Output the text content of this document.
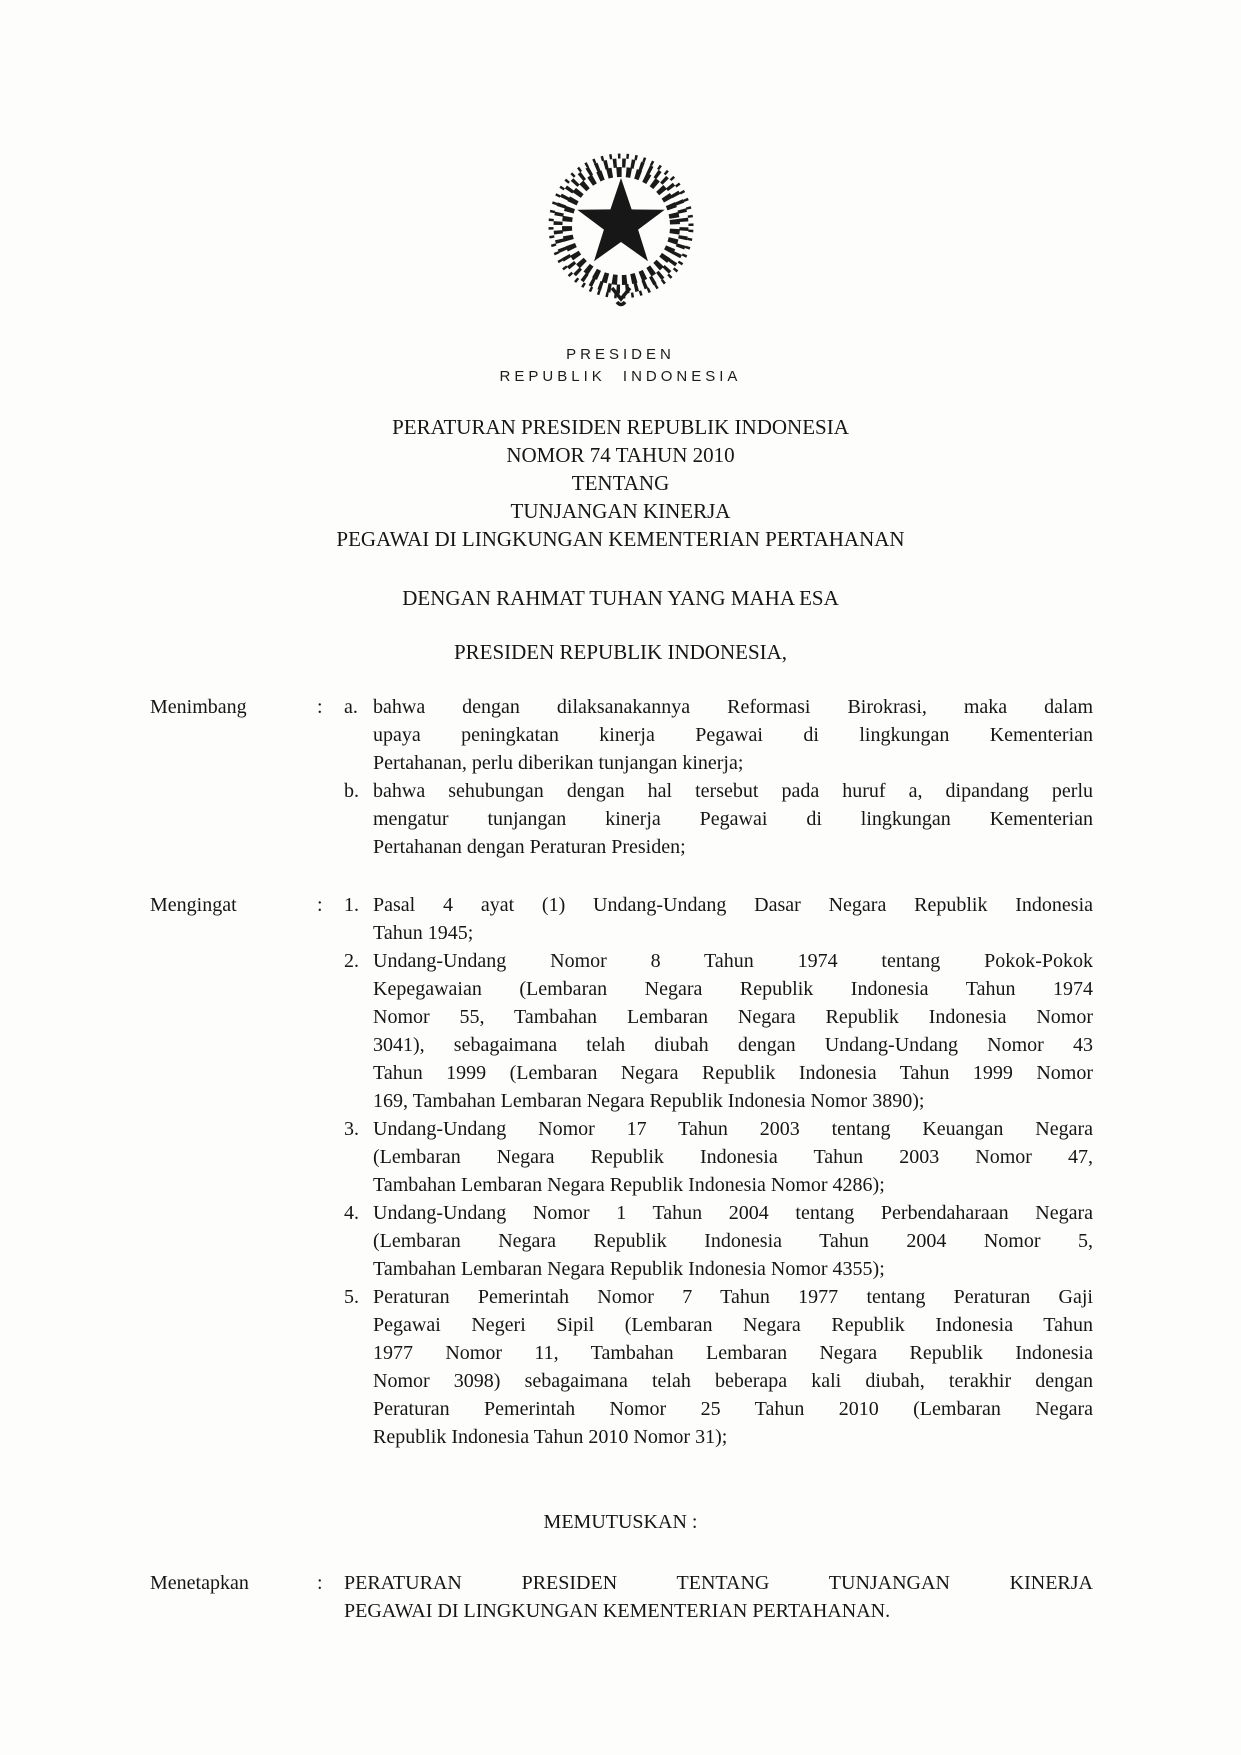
PRESIDEN
REPUBLIK INDONESIA
PERATURAN PRESIDEN REPUBLIK INDONESIA
NOMOR 74 TAHUN 2010
TENTANG
TUNJANGAN KINERJA
PEGAWAI DI LINGKUNGAN KEMENTERIAN PERTAHANAN
DENGAN RAHMAT TUHAN YANG MAHA ESA
PRESIDEN REPUBLIK INDONESIA,
Menimbang	:	a. bahwa dengan dilaksanakannya Reformasi Birokrasi, maka dalam
upaya peningkatan kinerja Pegawai di lingkungan Kementerian
Pertahanan, perlu diberikan tunjangan kinerja;
b. bahwa sehubungan dengan hal tersebut pada huruf a, dipandang perlu
mengatur tunjangan kinerja Pegawai di lingkungan Kementerian
Pertahanan dengan Peraturan Presiden;
Mengingat	:	1. Pasal 4 ayat (1) Undang-Undang Dasar Negara Republik Indonesia
Tahun 1945;
2. Undang-Undang Nomor 8 Tahun 1974 tentang Pokok-Pokok
Kepegawaian (Lembaran Negara Republik Indonesia Tahun 1974
Nomor 55, Tambahan Lembaran Negara Republik Indonesia Nomor
3041), sebagaimana telah diubah dengan Undang-Undang Nomor 43
Tahun 1999 (Lembaran Negara Republik Indonesia Tahun 1999 Nomor
169, Tambahan Lembaran Negara Republik Indonesia Nomor 3890);
3. Undang-Undang Nomor 17 Tahun 2003 tentang Keuangan Negara
(Lembaran Negara Republik Indonesia Tahun 2003 Nomor 47,
Tambahan Lembaran Negara Republik Indonesia Nomor 4286);
4. Undang-Undang Nomor 1 Tahun 2004 tentang Perbendaharaan Negara
(Lembaran Negara Republik Indonesia Tahun 2004 Nomor 5,
Tambahan Lembaran Negara Republik Indonesia Nomor 4355);
5. Peraturan Pemerintah Nomor 7 Tahun 1977 tentang Peraturan Gaji
Pegawai Negeri Sipil (Lembaran Negara Republik Indonesia Tahun
1977 Nomor 11, Tambahan Lembaran Negara Republik Indonesia
Nomor 3098) sebagaimana telah beberapa kali diubah, terakhir dengan
Peraturan Pemerintah Nomor 25 Tahun 2010 (Lembaran Negara
Republik Indonesia Tahun 2010 Nomor 31);
MEMUTUSKAN :
Menetapkan	:	PERATURAN PRESIDEN TENTANG TUNJANGAN KINERJA
PEGAWAI DI LINGKUNGAN KEMENTERIAN PERTAHANAN.
